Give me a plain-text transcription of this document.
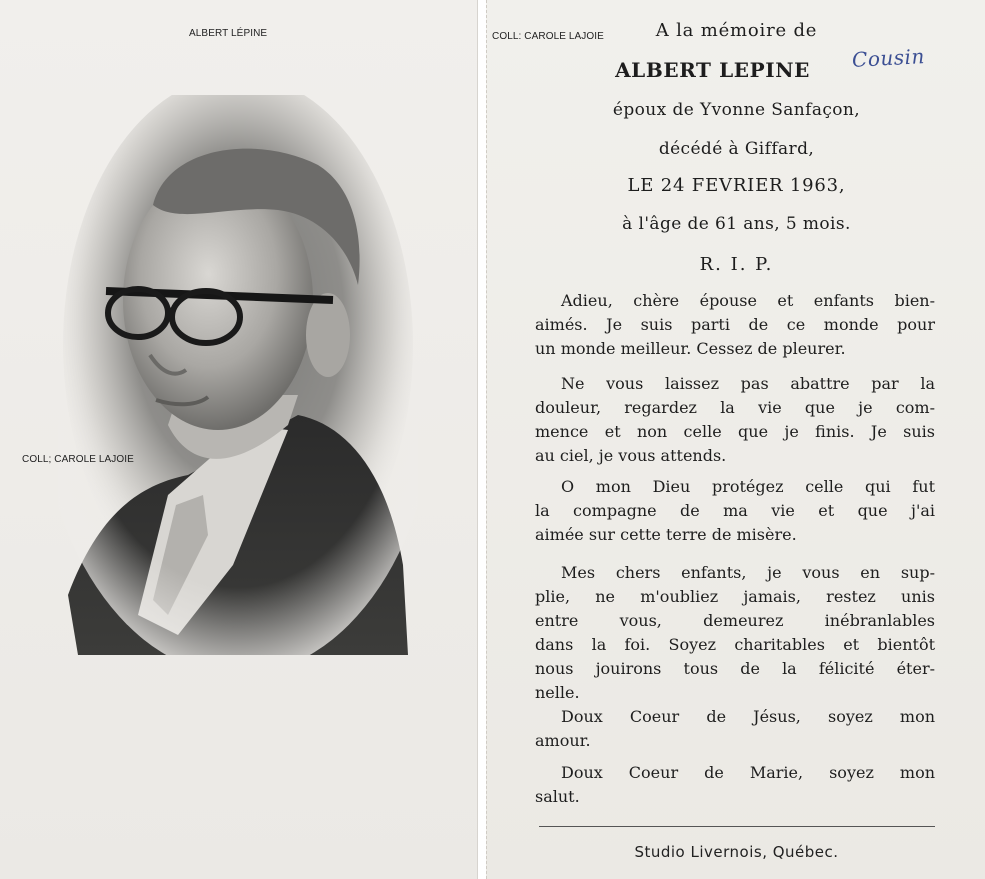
ALBERT LÉPINE
COLL; CAROLE LAJOIE
COLL: CAROLE LAJOIE	A la mémoire de
ALBERT LEPINE	Cousin
époux de Yvonne Sanfaçon,
décédé à Giffard,
LE 24 FEVRIER 1963,
à l'âge de 61 ans, 5 mois.
R. I. P.
Adieu, chère épouse et enfants bien-
aimés. Je suis parti de ce monde pour
un monde meilleur. Cessez de pleurer.
Ne vous laissez pas abattre par la
douleur, regardez la vie que je com-
mence et non celle que je finis. Je suis
au ciel, je vous attends.
O mon Dieu protégez celle qui fut
la compagne de ma vie et que j'ai
aimée sur cette terre de misère.
Mes chers enfants, je vous en sup-
plie, ne m'oubliez jamais, restez unis
entre vous, demeurez inébranlables
dans la foi. Soyez charitables et bientôt
nous jouirons tous de la félicité éter-
nelle.
Doux Coeur de Jésus, soyez mon
amour.
Doux Coeur de Marie, soyez mon
salut.
Studio Livernois, Québec.
